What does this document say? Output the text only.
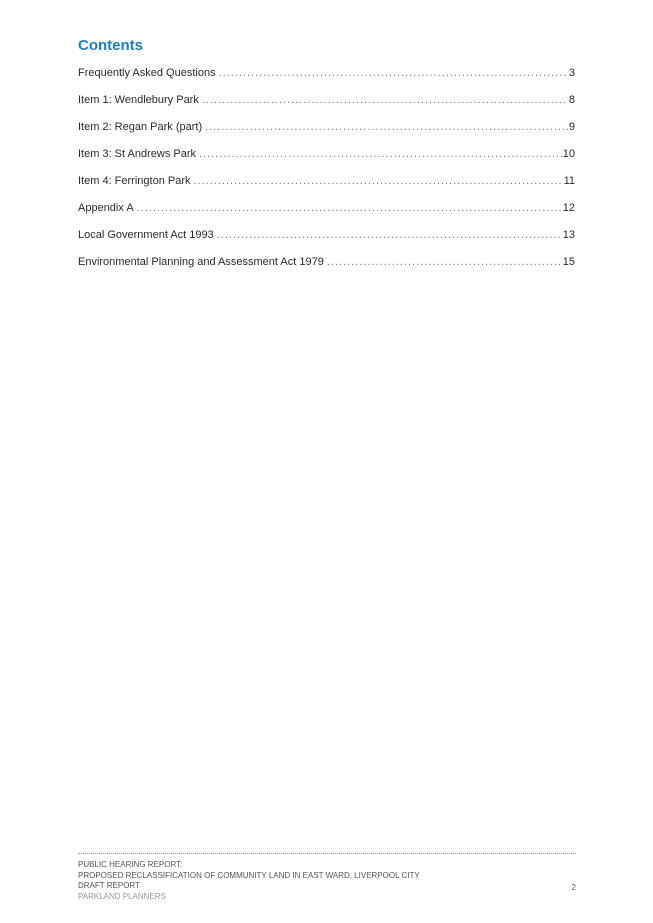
Contents
Frequently Asked Questions .....	3
Item 1: Wendlebury Park .....	8
Item 2: Regan Park (part) .....	9
Item 3: St Andrews Park .....	10
Item 4: Ferrington Park .....	11
Appendix A .....	12
Local Government Act 1993 .....	13
Environmental Planning and Assessment Act 1979 .....	15
PUBLIC HEARING REPORT:
PROPOSED RECLASSIFICATION OF COMMUNITY LAND IN EAST WARD, LIVERPOOL CITY
DRAFT REPORT
PARKLAND PLANNERS
2
